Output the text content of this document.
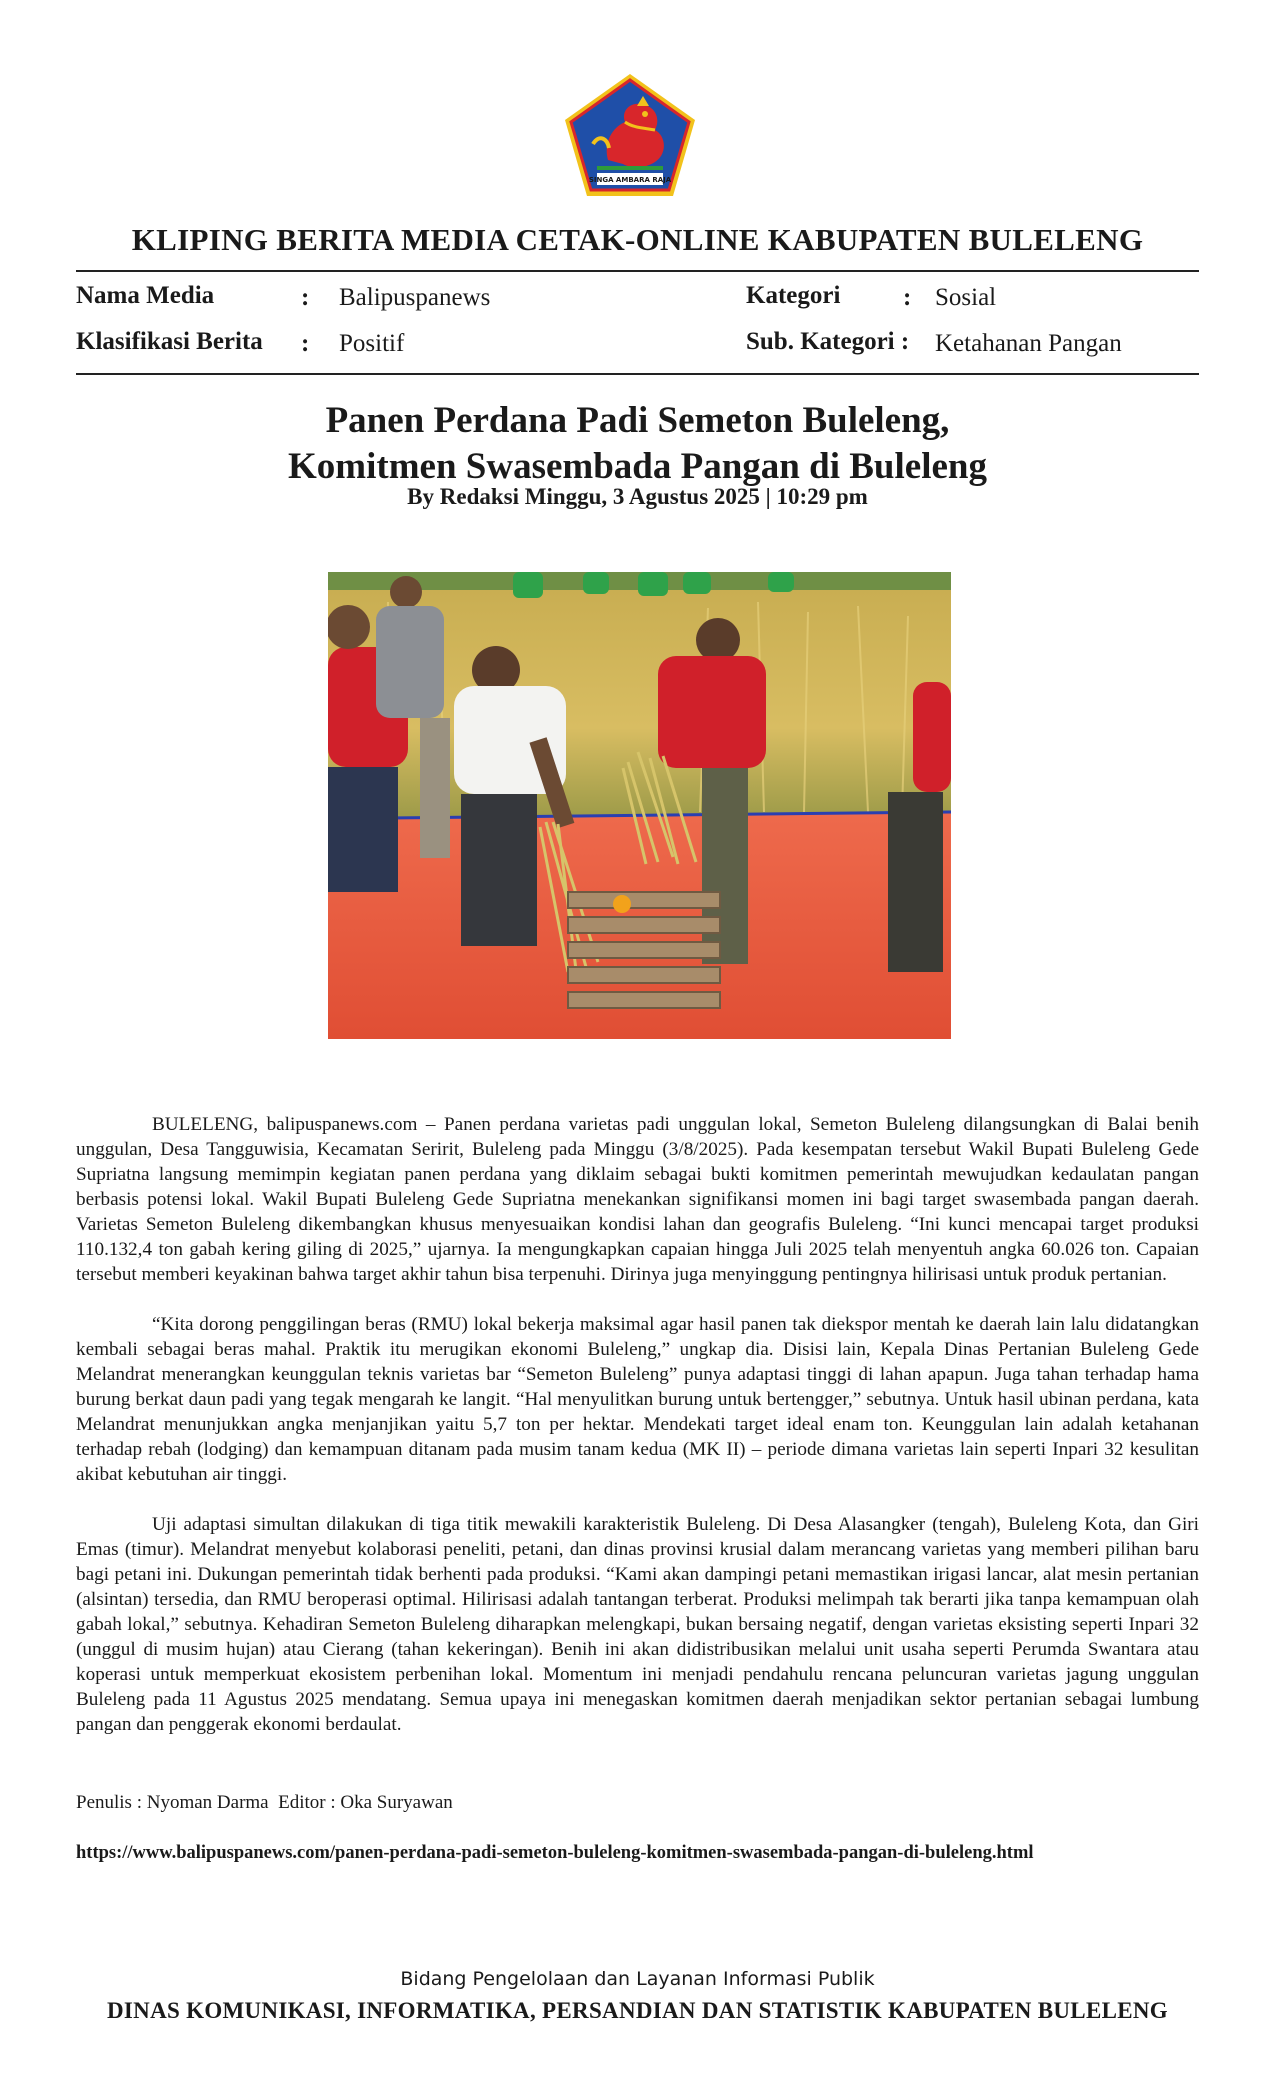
SINGA AMBARA RAJA
KLIPING BERITA MEDIA CETAK-ONLINE KABUPATEN BULELENG
Nama Media	: Balipuspanews	Kategori	: Sosial
Klasifikasi Berita : Positif	Sub. Kategori : Ketahanan Pangan
Panen Perdana Padi Semeton Buleleng,
Komitmen Swasembada Pangan di Buleleng
By Redaksi Minggu, 3 Agustus 2025 | 10:29 pm

BULELENG, balipuspanews.com – Panen perdana varietas padi unggulan lokal, Semeton Buleleng dilangsungkan di Balai benih unggulan, Desa Tangguwisia, Kecamatan Seririt, Buleleng pada Minggu (3/8/2025). Pada kesempatan tersebut Wakil Bupati Buleleng Gede Supriatna langsung memimpin kegiatan panen perdana yang diklaim sebagai bukti komitmen pemerintah mewujudkan kedaulatan pangan berbasis potensi lokal. Wakil Bupati Buleleng Gede Supriatna menekankan signifikansi momen ini bagi target swasembada pangan daerah. Varietas Semeton Buleleng dikembangkan khusus menyesuaikan kondisi lahan dan geografis Buleleng. “Ini kunci mencapai target produksi 110.132,4 ton gabah kering giling di 2025,” ujarnya. Ia mengungkapkan capaian hingga Juli 2025 telah menyentuh angka 60.026 ton. Capaian tersebut memberi keyakinan bahwa target akhir tahun bisa terpenuhi. Dirinya juga menyinggung pentingnya hilirisasi untuk produk pertanian.

“Kita dorong penggilingan beras (RMU) lokal bekerja maksimal agar hasil panen tak diekspor mentah ke daerah lain lalu didatangkan kembali sebagai beras mahal. Praktik itu merugikan ekonomi Buleleng,” ungkap dia. Disisi lain, Kepala Dinas Pertanian Buleleng Gede Melandrat menerangkan keunggulan teknis varietas bar “Semeton Buleleng” punya adaptasi tinggi di lahan apapun. Juga tahan terhadap hama burung berkat daun padi yang tegak mengarah ke langit. “Hal menyulitkan burung untuk bertengger,” sebutnya. Untuk hasil ubinan perdana, kata Melandrat menunjukkan angka menjanjikan yaitu 5,7 ton per hektar. Mendekati target ideal enam ton. Keunggulan lain adalah ketahanan terhadap rebah (lodging) dan kemampuan ditanam pada musim tanam kedua (MK II) – periode dimana varietas lain seperti Inpari 32 kesulitan akibat kebutuhan air tinggi.

Uji adaptasi simultan dilakukan di tiga titik mewakili karakteristik Buleleng. Di Desa Alasangker (tengah), Buleleng Kota, dan Giri Emas (timur). Melandrat menyebut kolaborasi peneliti, petani, dan dinas provinsi krusial dalam merancang varietas yang memberi pilihan baru bagi petani ini. Dukungan pemerintah tidak berhenti pada produksi. “Kami akan dampingi petani memastikan irigasi lancar, alat mesin pertanian (alsintan) tersedia, dan RMU beroperasi optimal. Hilirisasi adalah tantangan terberat. Produksi melimpah tak berarti jika tanpa kemampuan olah gabah lokal,” sebutnya. Kehadiran Semeton Buleleng diharapkan melengkapi, bukan bersaing negatif, dengan varietas eksisting seperti Inpari 32 (unggul di musim hujan) atau Cierang (tahan kekeringan). Benih ini akan didistribusikan melalui unit usaha seperti Perumda Swantara atau koperasi untuk memperkuat ekosistem perbenihan lokal. Momentum ini menjadi pendahulu rencana peluncuran varietas jagung unggulan Buleleng pada 11 Agustus 2025 mendatang. Semua upaya ini menegaskan komitmen daerah menjadikan sektor pertanian sebagai lumbung pangan dan penggerak ekonomi berdaulat.

Penulis : Nyoman Darma  Editor : Oka Suryawan
https://www.balipuspanews.com/panen-perdana-padi-semeton-buleleng-komitmen-swasembada-pangan-di-buleleng.html
Bidang Pengelolaan dan Layanan Informasi Publik
DINAS KOMUNIKASI, INFORMATIKA, PERSANDIAN DAN STATISTIK KABUPATEN BULELENG
